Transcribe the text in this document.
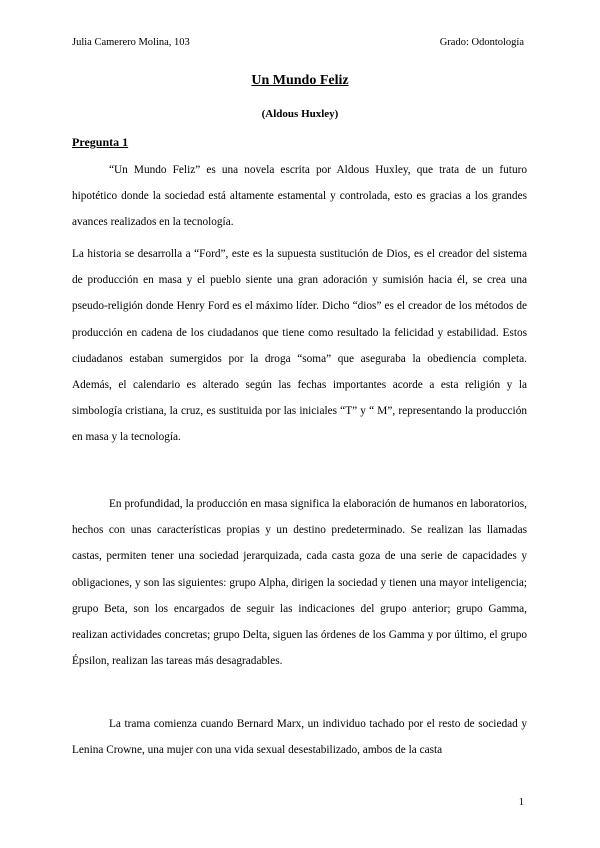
Julia Camerero Molina, 103	Grado: Odontología
Un Mundo Feliz
(Aldous Huxley)
Pregunta 1

“Un Mundo Feliz” es una novela escrita por Aldous Huxley, que trata de un futuro hipotético donde la sociedad está altamente estamental y controlada, esto es gracias a los grandes avances realizados en la tecnología.

La historia se desarrolla a “Ford”, este es la supuesta sustitución de Dios, es el creador del sistema de producción en masa y el pueblo siente una gran adoración y sumisión hacia él, se crea una pseudo-religión donde Henry Ford es el máximo líder. Dicho “dios” es el creador de los métodos de producción en cadena de los ciudadanos que tiene como resultado la felicidad y estabilidad. Estos ciudadanos estaban sumergidos por la droga “soma” que aseguraba la obediencia completa. Además, el calendario es alterado según las fechas importantes acorde a esta religión y la simbología cristiana, la cruz, es sustituida por las iniciales “T” y “ M”, representando la producción en masa y la tecnología.

En profundidad, la producción en masa significa la elaboración de humanos en laboratorios, hechos con unas características propias y un destino predeterminado. Se realizan las llamadas castas, permiten tener una sociedad jerarquizada, cada casta goza de una serie de capacidades y obligaciones, y son las siguientes: grupo Alpha, dirigen la sociedad y tienen una mayor inteligencia; grupo Beta, son los encargados de seguir las indicaciones del grupo anterior; grupo Gamma, realizan actividades concretas; grupo Delta, siguen las órdenes de los Gamma y por último, el grupo Épsilon, realizan las tareas más desagradables.

La trama comienza cuando Bernard Marx, un individuo tachado por el resto de sociedad y Lenina Crowne, una mujer con una vida sexual desestabilizado, ambos de la casta

1
